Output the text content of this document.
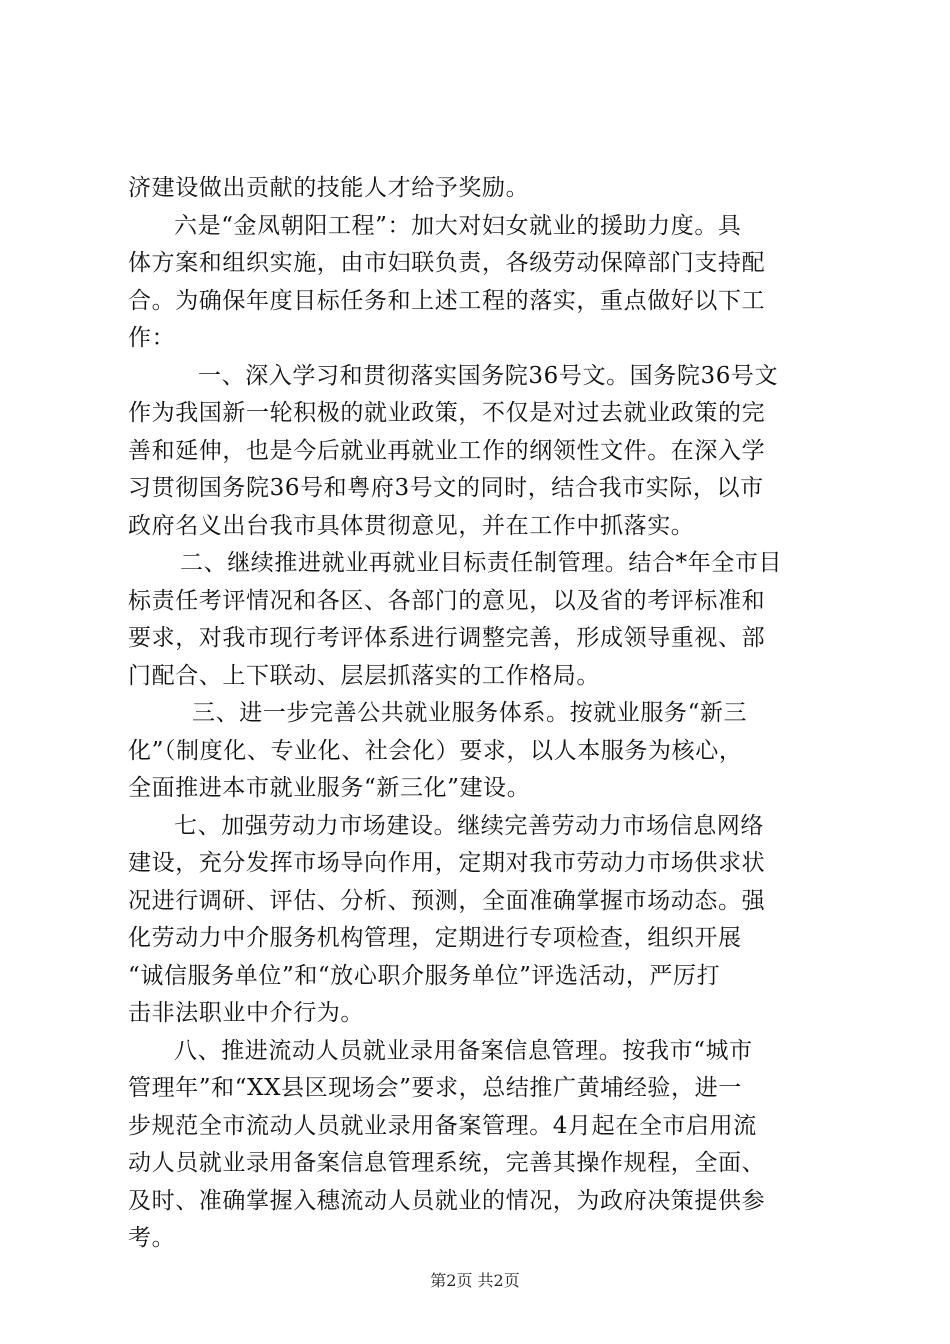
济建设做出贡献的技能人才给予奖励。
六是“金凤朝阳工程”：加大对妇女就业的援助力度。具
体方案和组织实施，由市妇联负责，各级劳动保障部门支持配
合。为确保年度目标任务和上述工程的落实，重点做好以下工
作：
一、深入学习和贯彻落实国务院36号文。国务院36号文
作为我国新一轮积极的就业政策，不仅是对过去就业政策的完
善和延伸，也是今后就业再就业工作的纲领性文件。在深入学
习贯彻国务院36号和粤府3号文的同时，结合我市实际，以市
政府名义出台我市具体贯彻意见，并在工作中抓落实。
二、继续推进就业再就业目标责任制管理。结合*年全市目
标责任考评情况和各区、各部门的意见，以及省的考评标准和
要求，对我市现行考评体系进行调整完善，形成领导重视、部
门配合、上下联动、层层抓落实的工作格局。
三、进一步完善公共就业服务体系。按就业服务“新三
化”（制度化、专业化、社会化）要求，以人本服务为核心，
全面推进本市就业服务“新三化”建设。
七、加强劳动力市场建设。继续完善劳动力市场信息网络
建设，充分发挥市场导向作用，定期对我市劳动力市场供求状
况进行调研、评估、分析、预测，全面准确掌握市场动态。强
化劳动力中介服务机构管理，定期进行专项检查，组织开展
“诚信服务单位”和“放心职介服务单位”评选活动，严厉打
击非法职业中介行为。
八、推进流动人员就业录用备案信息管理。按我市“城市
管理年”和“XX县区现场会”要求，总结推广黄埔经验，进一
步规范全市流动人员就业录用备案管理。4月起在全市启用流
动人员就业录用备案信息管理系统，完善其操作规程，全面、
及时、准确掌握入穗流动人员就业的情况，为政府决策提供参
考。
第2页 共2页
